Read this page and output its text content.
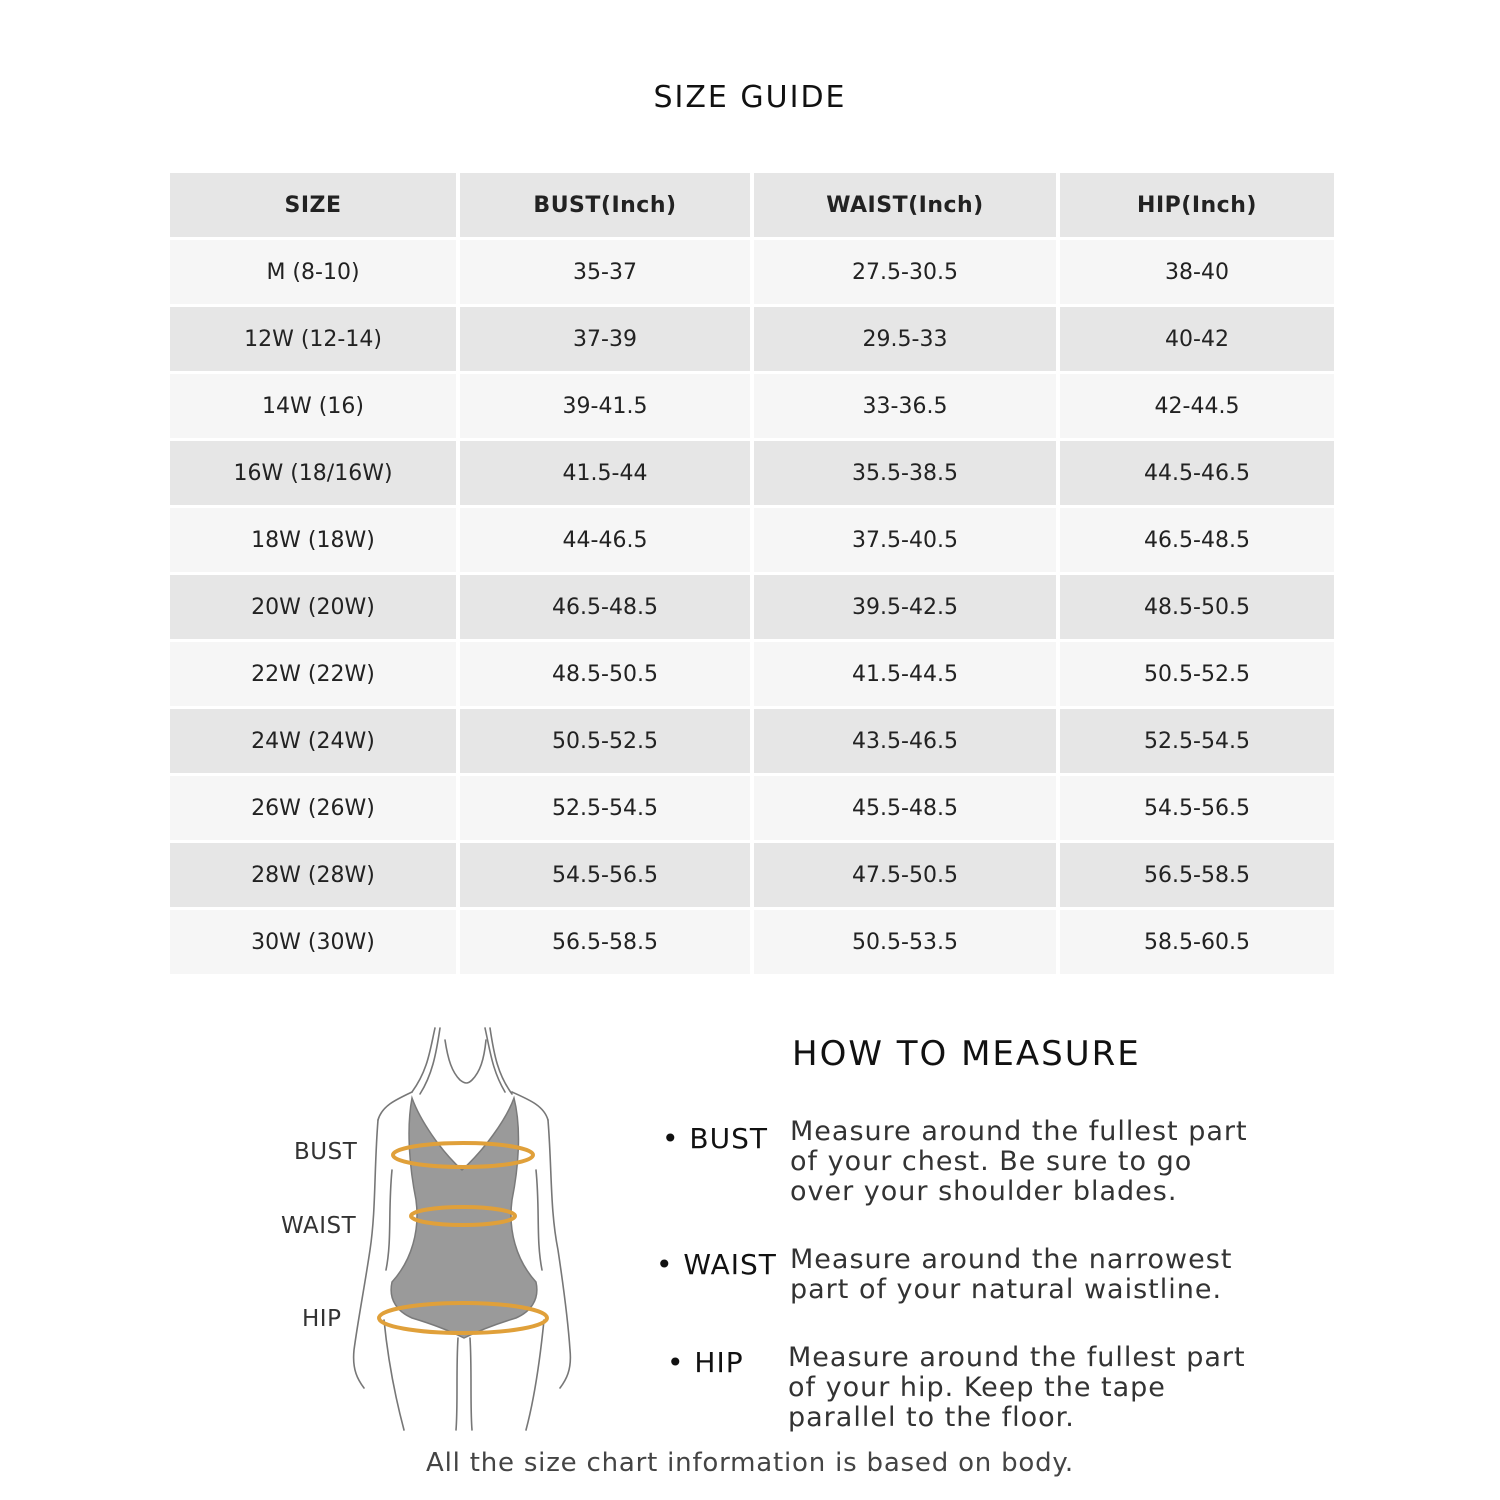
SIZE GUIDE
SIZE	BUST(Inch)	WAIST(Inch)	HIP(Inch)
M (8-10)	35-37	27.5-30.5	38-40
12W (12-14)	37-39	29.5-33	40-42
14W (16)	39-41.5	33-36.5	42-44.5
16W (18/16W)	41.5-44	35.5-38.5	44.5-46.5
18W (18W)	44-46.5	37.5-40.5	46.5-48.5
20W (20W)	46.5-48.5	39.5-42.5	48.5-50.5
22W (22W)	48.5-50.5	41.5-44.5	50.5-52.5
24W (24W)	50.5-52.5	43.5-46.5	52.5-54.5
26W (26W)	52.5-54.5	45.5-48.5	54.5-56.5
28W (28W)	54.5-56.5	47.5-50.5	56.5-58.5
30W (30W)	56.5-58.5	50.5-53.5	58.5-60.5
BUST
WAIST
HIP
HOW TO MEASURE
• BUST Measure around the fullest part
of your chest. Be sure to go
over your shoulder blades.
• WAIST Measure around the narrowest
part of your natural waistline.
• HIP Measure around the fullest part
of your hip. Keep the tape
parallel to the floor.
All the size chart information is based on body.
